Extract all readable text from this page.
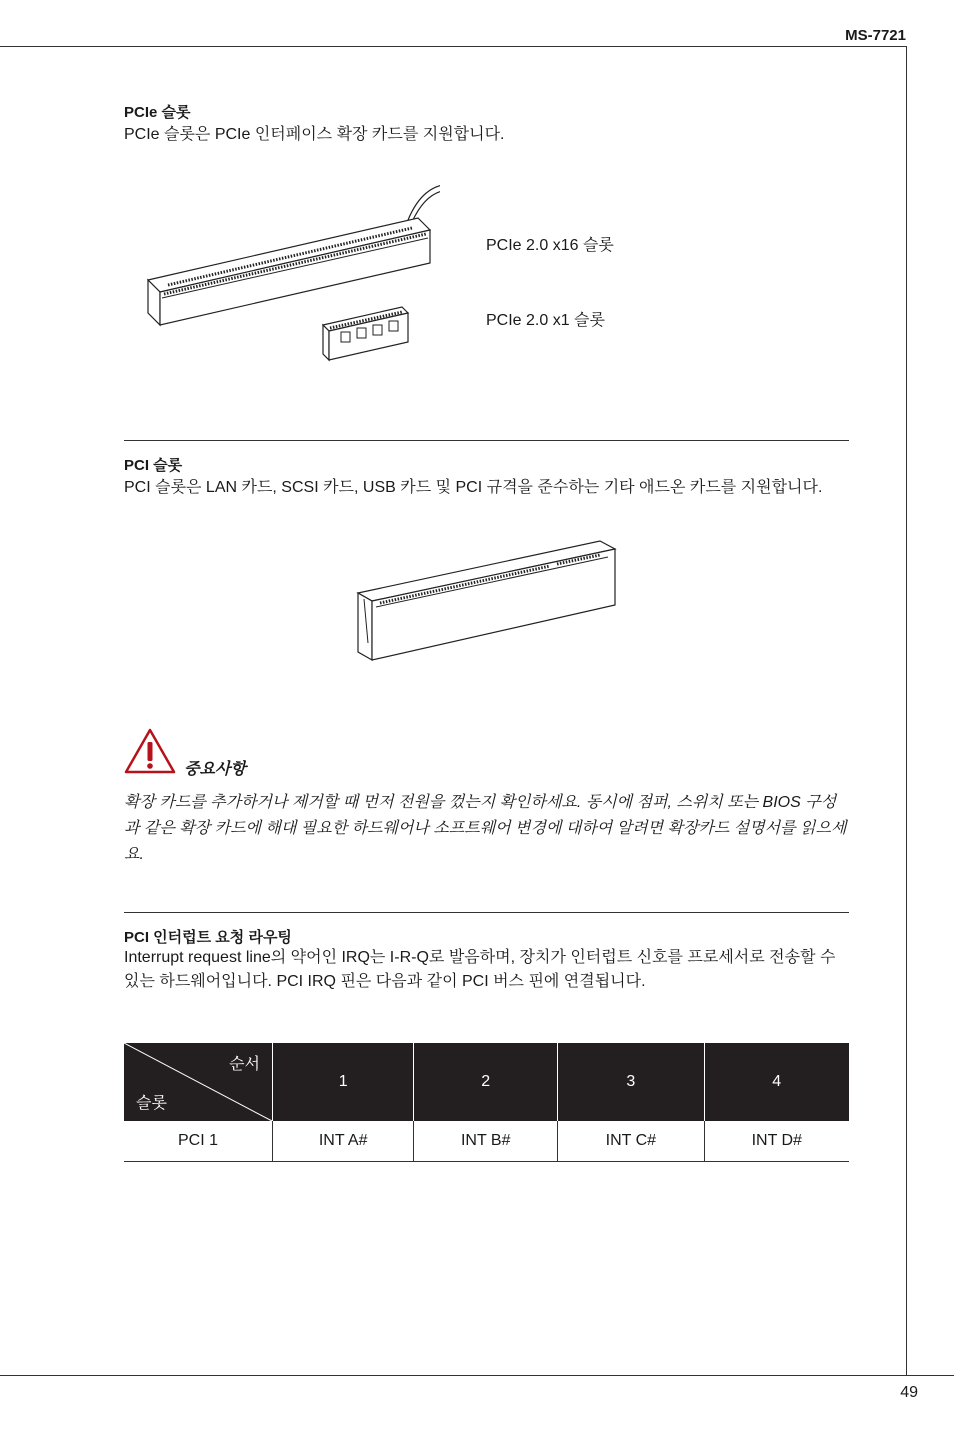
MS-7721
PCIe 슬롯
PCIe 슬롯은 PCIe 인터페이스 확장 카드를 지원합니다.
PCIe 2.0 x16 슬롯
PCIe 2.0 x1 슬롯
PCI 슬롯
PCI 슬롯은 LAN 카드, SCSI 카드, USB 카드 및 PCI 규격을 준수하는 기타 애드온 카드를 지원합니다.
중요사항
확장 카드를 추가하거나 제거할 때 먼저 전원을 껐는지 확인하세요. 동시에 점퍼, 스위치 또는 BIOS 구성과 같은 확장 카드에 해대 필요한 하드웨어나 소프트웨어 변경에 대하여 알려면 확장카드 설명서를 읽으세요.
PCI 인터럽트 요청 라우팅
Interrupt request line의 약어인 IRQ는 I-R-Q로 발음하며, 장치가 인터럽트 신호를 프로세서로 전송할 수 있는 하드웨어입니다. PCI IRQ 핀은 다음과 같이 PCI 버스 핀에 연결됩니다.
순서
슬롯	1	2	3	4
PCI 1	INT A#	INT B#	INT C#	INT D#
49
